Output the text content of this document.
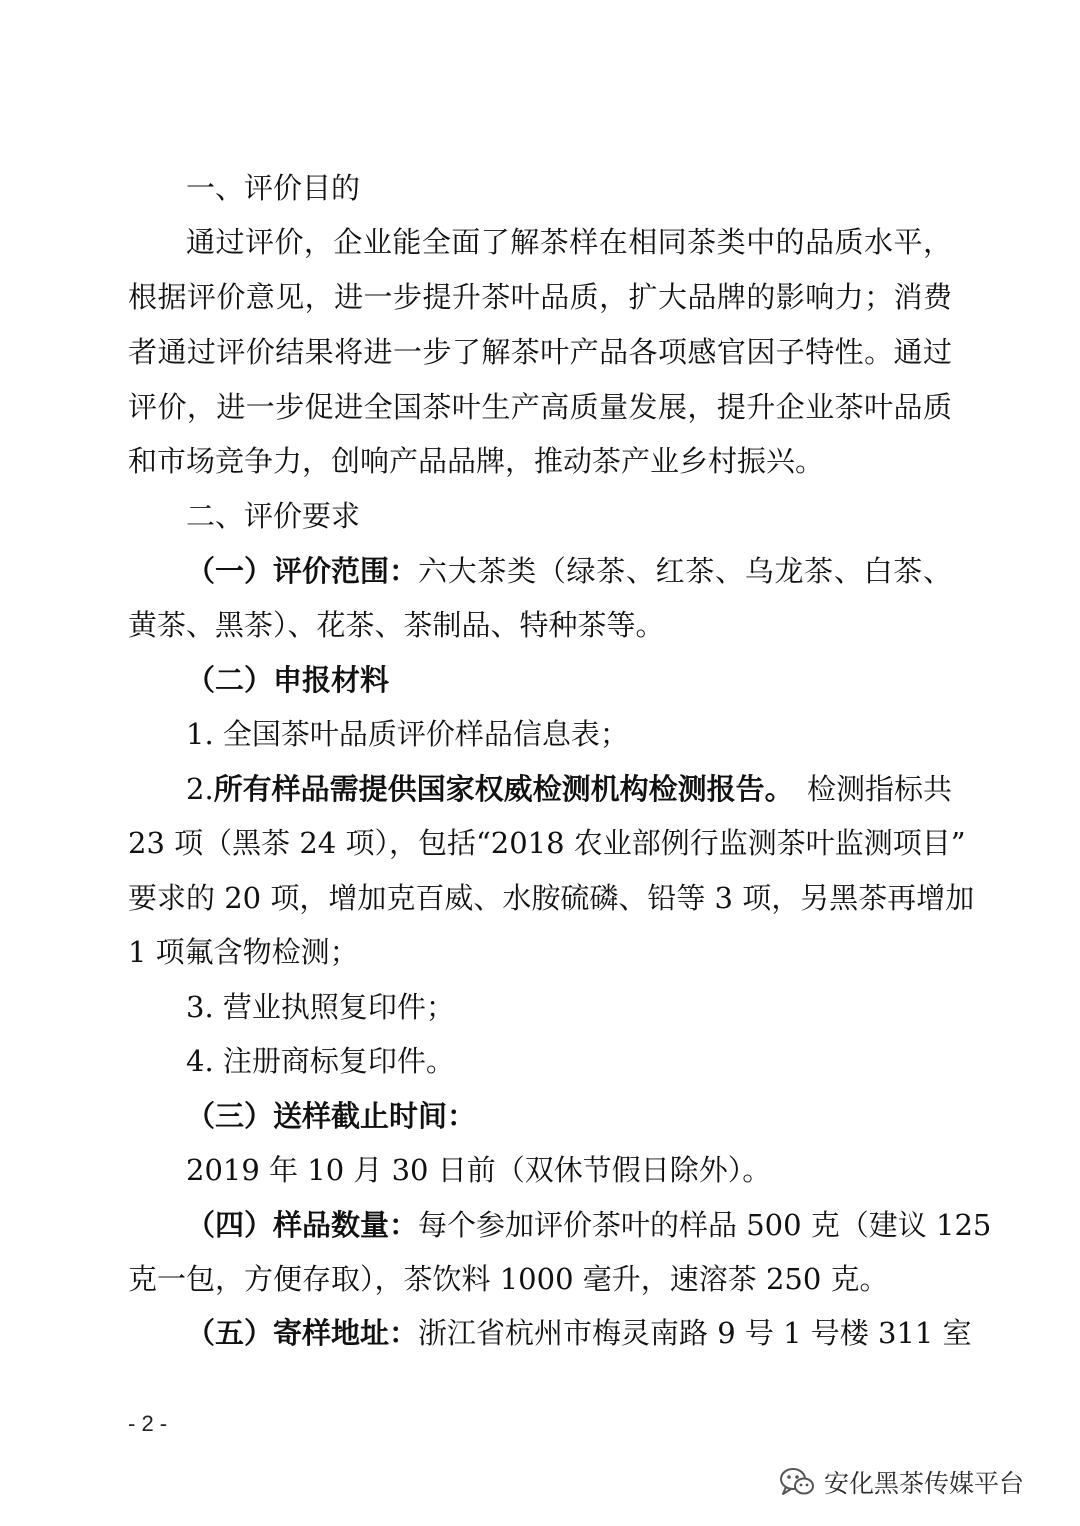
一、评价目的
通过评价，企业能全面了解茶样在相同茶类中的品质水平，
根据评价意见，进一步提升茶叶品质，扩大品牌的影响力；消费
者通过评价结果将进一步了解茶叶产品各项感官因子特性。通过
评价，进一步促进全国茶叶生产高质量发展，提升企业茶叶品质
和市场竞争力，创响产品品牌，推动茶产业乡村振兴。
二、评价要求
（一）评价范围： 六大茶类（绿茶、红茶、乌龙茶、白茶、
黄茶、黑茶）、花茶、茶制品、特种茶等。
（二）申报材料
1. 全国茶叶品质评价样品信息表；
2. 所有样品需提供国家权威检测机构检测报告。 检测指标共
23 项（黑茶 24 项），包括“2018 农业部例行监测茶叶监测项目”
要求的 20 项，增加克百威、水胺硫磷、铅等 3 项，另黑茶再增加
1 项氟含物检测；
3. 营业执照复印件；
4. 注册商标复印件。
（三）送样截止时间：
2019 年 10 月 30 日前（双休节假日除外）。
（四）样品数量： 每个参加评价茶叶的样品 500 克（建议 125
克一包，方便存取），茶饮料 1000 毫升，速溶茶 250 克。
（五）寄样地址： 浙江省杭州市梅灵南路 9 号 1 号楼 311 室
- 2 -
安化黑茶传媒平台
